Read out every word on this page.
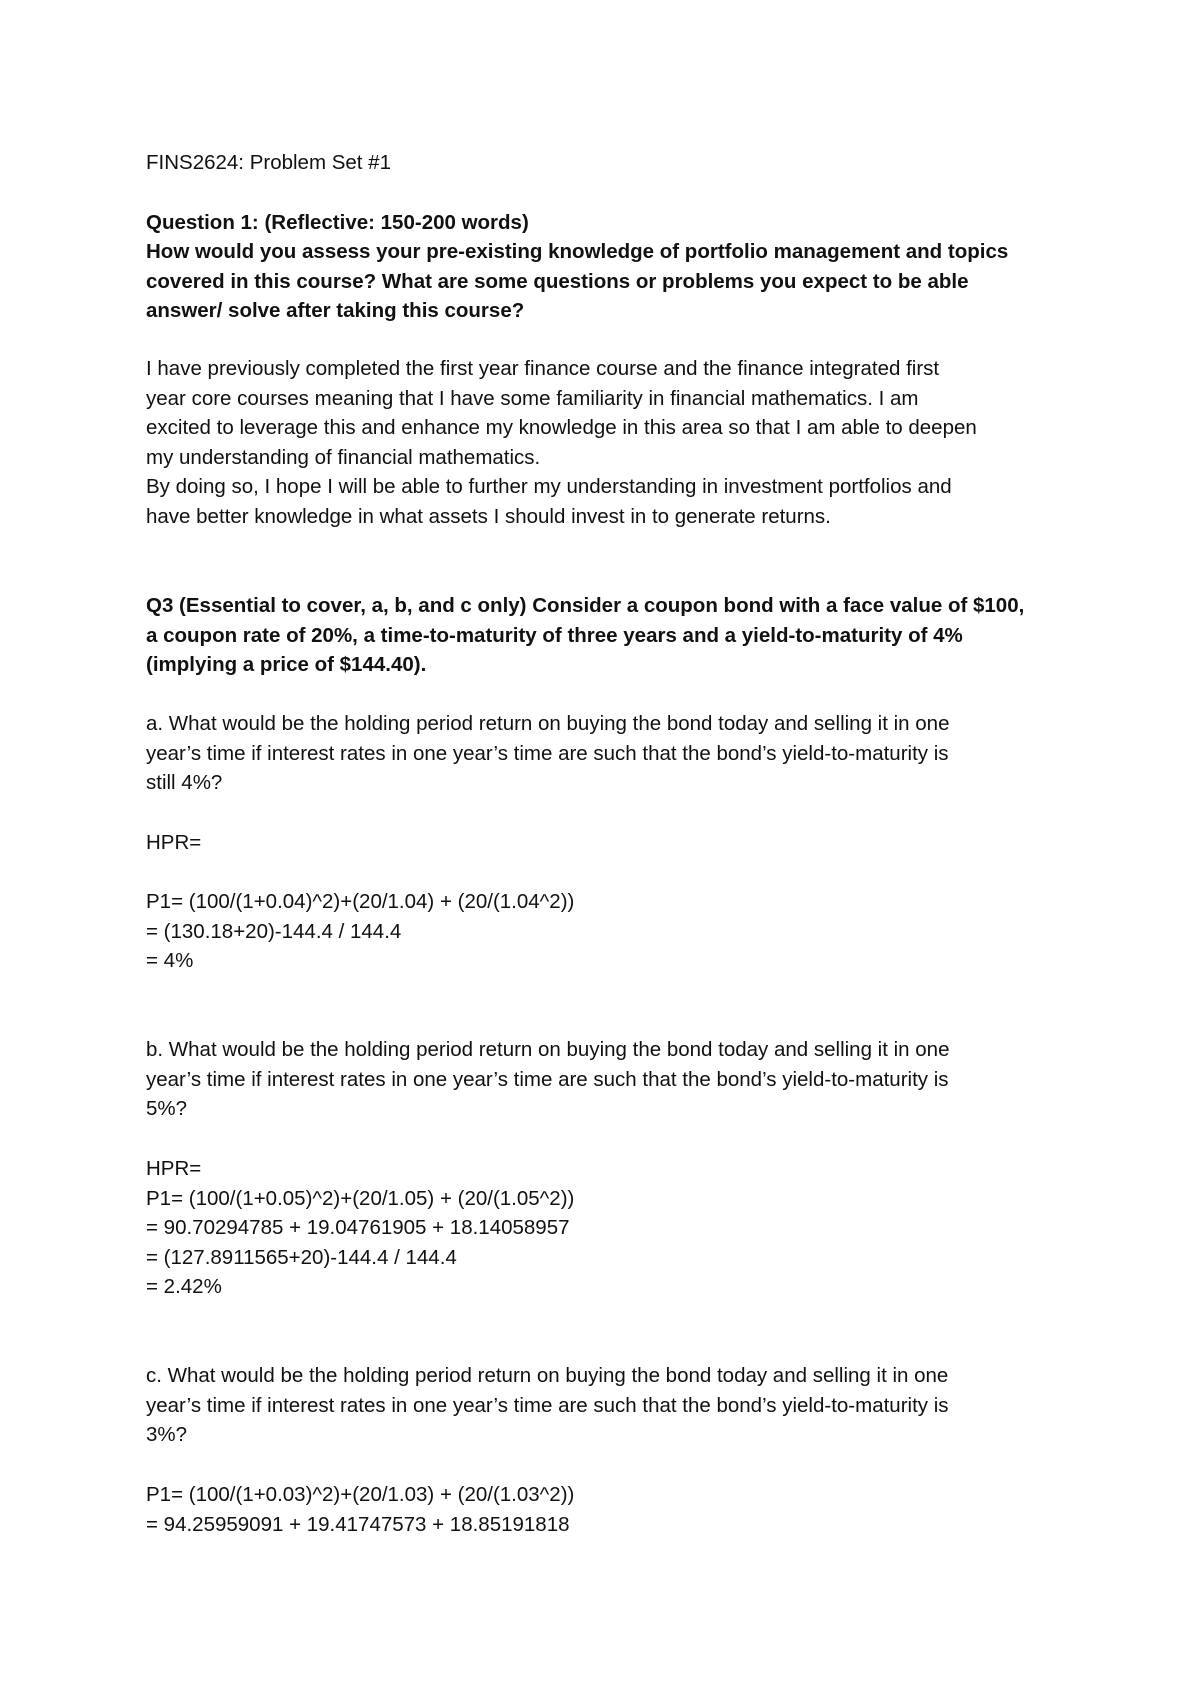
FINS2624: Problem Set #1

Question 1: (Reflective: 150-200 words)

How would you assess your pre-existing knowledge of portfolio management and topics
covered in this course? What are some questions or problems you expect to be able
answer/ solve after taking this course?
I have previously completed the first year finance course and the finance integrated first
year core courses meaning that I have some familiarity in financial mathematics. I am
excited to leverage this and enhance my knowledge in this area so that I am able to deepen
my understanding of financial mathematics.
By doing so, I hope I will be able to further my understanding in investment portfolios and
have better knowledge in what assets I should invest in to generate returns.
Q3 (Essential to cover, a, b, and c only) Consider a coupon bond with a face value of $100,
a coupon rate of 20%, a time-to-maturity of three years and a yield-to-maturity of 4%
(implying a price of $144.40).
a. What would be the holding period return on buying the bond today and selling it in one
year’s time if interest rates in one year’s time are such that the bond’s yield-to-maturity is
still 4%?

HPR=

P1= (100/(1+0.04)^2)+(20/1.04) + (20/(1.04^2))
= (130.18+20)-144.4 / 144.4
= 4%
b. What would be the holding period return on buying the bond today and selling it in one
year’s time if interest rates in one year’s time are such that the bond’s yield-to-maturity is
5%?
HPR=
P1= (100/(1+0.05)^2)+(20/1.05) + (20/(1.05^2))
= 90.70294785 + 19.04761905 + 18.14058957
= (127.8911565+20)-144.4 / 144.4
= 2.42%
c. What would be the holding period return on buying the bond today and selling it in one
year’s time if interest rates in one year’s time are such that the bond’s yield-to-maturity is
3%?
P1= (100/(1+0.03)^2)+(20/1.03) + (20/(1.03^2))
= 94.25959091 + 19.41747573 + 18.85191818
